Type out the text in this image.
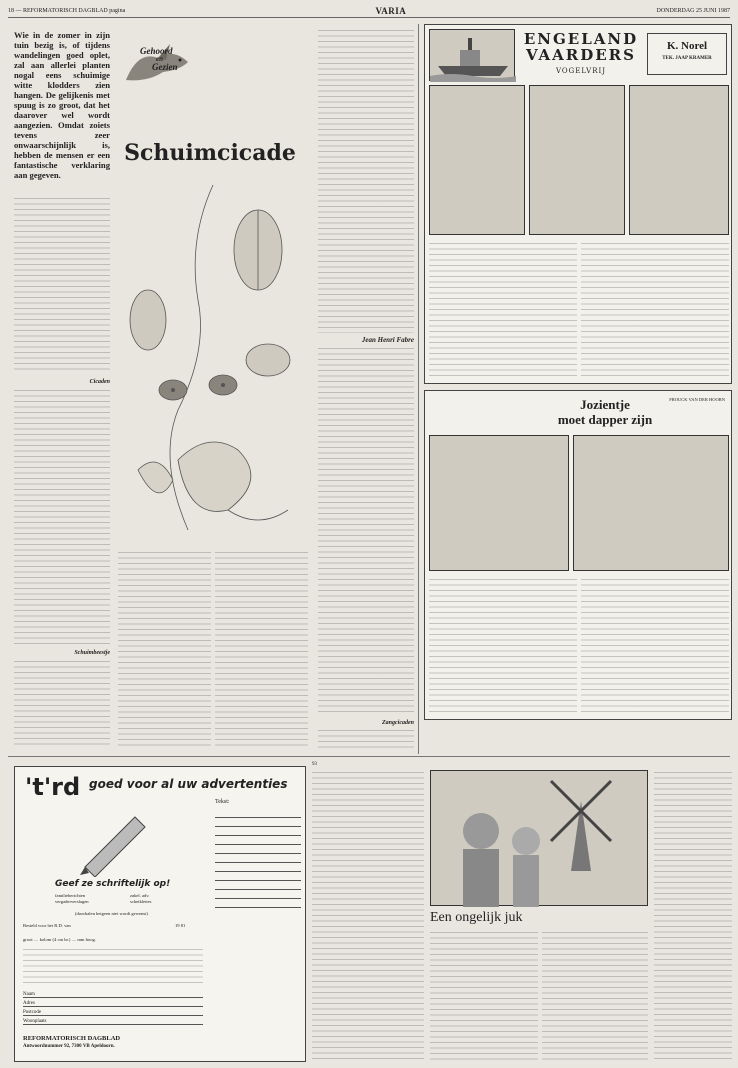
18 — REFORMATORISCH DAGBLAD pagina	VARIA	DONDERDAG 25 JUNI 1987
Wie in de zomer in zijn tuin bezig is, of tijdens wandelingen goed oplet, zal aan allerlei planten nogal eens schuimige witte klodders zien hangen. De gelijkenis met spuug is zo groot, dat het daarover wel wordt aangezien. Omdat zoiets tevens zeer onwaarschijnlijk is, hebben de mensen er een fantastische verklaring aan gegeven.
Gehoord
en
Gezien
Schuimcicade
Cicaden
Schuimbeestje
Jean Henri Fabre
Zangcicaden
ENGELAND
VAARDERS
VOGELVRIJ
K. Norel
TEK. JAAP KRAMER
Jozientje
moet dapper zijn
FROUCK VAN DER HOORN
't'rd goed voor al uw advertenties
Tekst:
Geef ze schriftelijk op!
familieberichten	zakel. adv.
vergaderverslagen	scheiklettes
(doorhalen hetgeen niet wordt gewenst)
Besteld voor het R.D. van	19 81
groot .... kolom (4 cm br.) .... mm hoog.
Naam
Adres
Postcode
Woonplaats
REFORMATORISCH DAGBLAD
Antwoordnummer 92, 7300 VB Apeldoorn.
93
Een ongelijk juk
